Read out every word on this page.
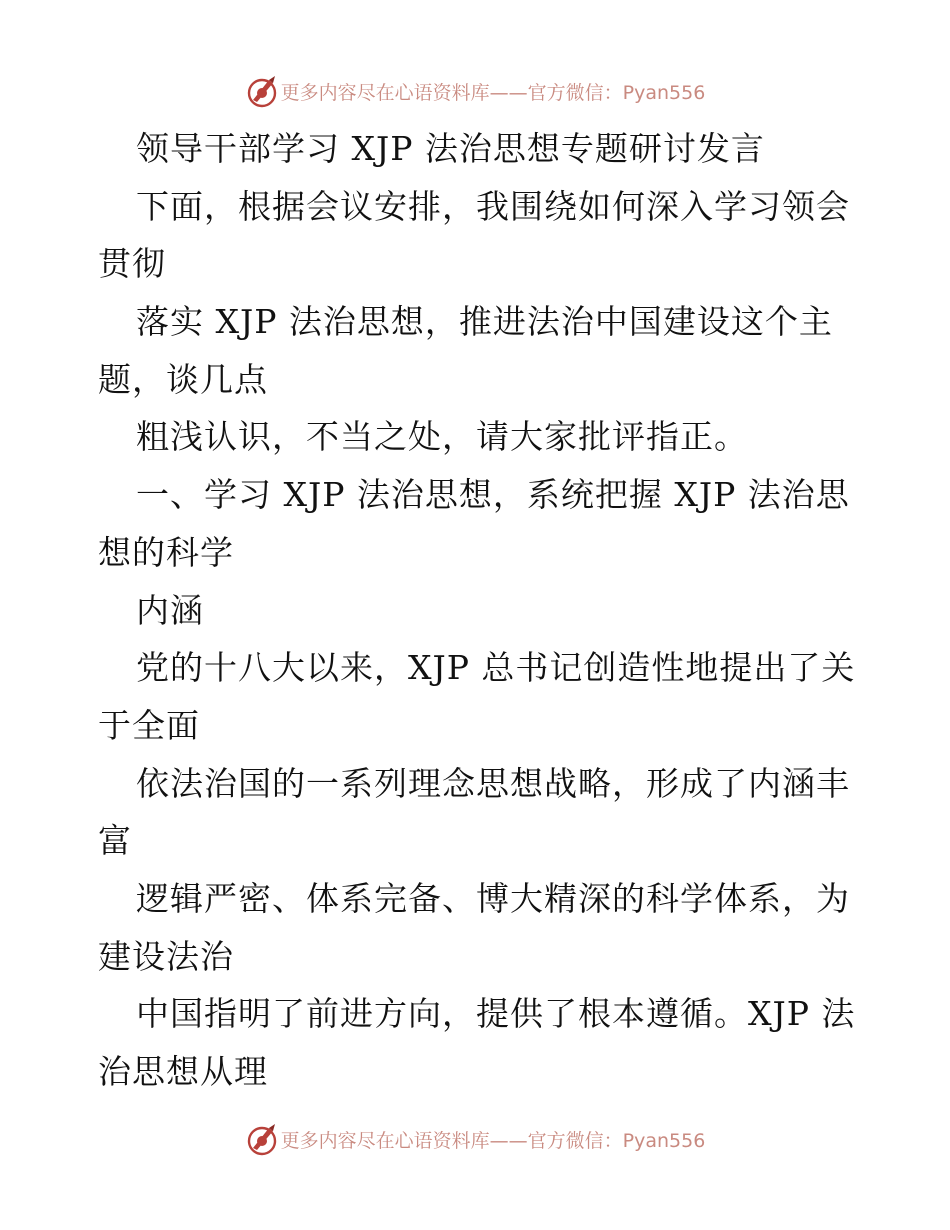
更多内容尽在心语资料库——官方微信：Pyan556
领导干部学习 XJP 法治思想专题研讨发言
下面，根据会议安排，我围绕如何深入学习领会
贯彻
落实 XJP 法治思想，推进法治中国建设这个主
题，谈几点
粗浅认识，不当之处，请大家批评指正。
一、学习 XJP 法治思想，系统把握 XJP 法治思
想的科学
内涵
党的十八大以来，XJP 总书记创造性地提出了关
于全面
依法治国的一系列理念思想战略，形成了内涵丰
富
逻辑严密、体系完备、博大精深的科学体系，为
建设法治
中国指明了前进方向，提供了根本遵循。XJP 法
治思想从理
更多内容尽在心语资料库——官方微信：Pyan556
